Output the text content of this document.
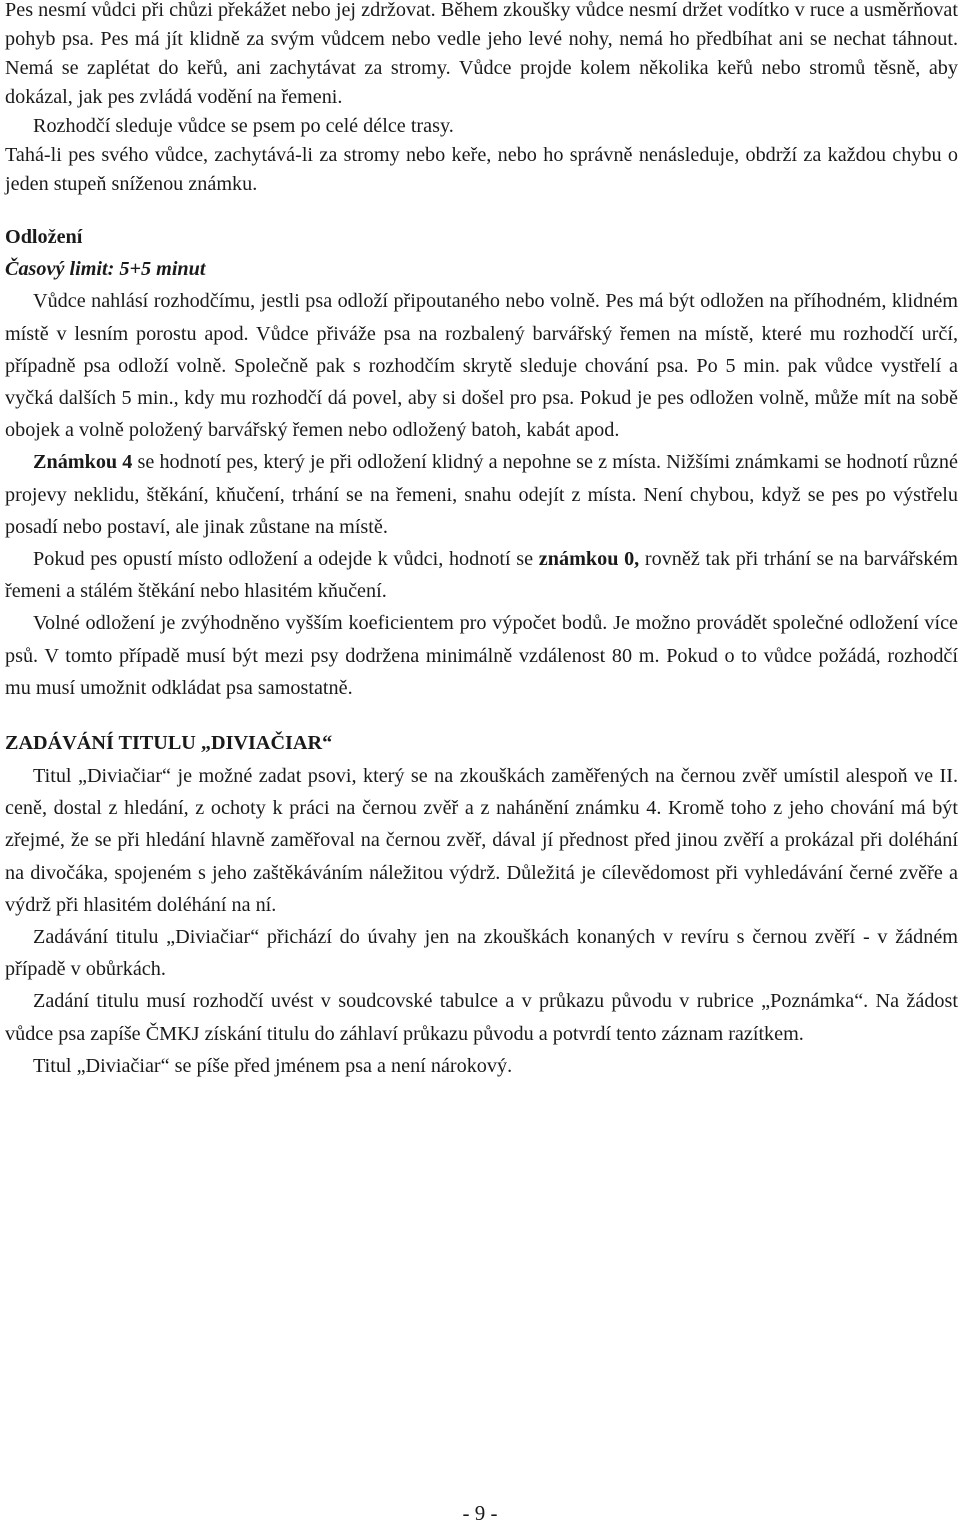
Pes nesmí vůdci při chůzi překážet nebo jej zdržovat. Během zkoušky vůdce nesmí držet vodítko v ruce a usměrňovat pohyb psa. Pes má jít klidně za svým vůdcem nebo vedle jeho levé nohy, nemá ho předbíhat ani se nechat táhnout. Nemá se zaplétat do keřů, ani zachytávat za stromy. Vůdce projde kolem několika keřů nebo stromů těsně, aby dokázal, jak pes zvládá vodění na řemeni.

Rozhodčí sleduje vůdce se psem po celé délce trasy.

Tahá-li pes svého vůdce, zachytává-li za stromy nebo keře, nebo ho správně nenásleduje, obdrží za každou chybu o jeden stupeň sníženou známku.

Odložení

Časový limit: 5+5 minut

Vůdce nahlásí rozhodčímu, jestli psa odloží připoutaného nebo volně. Pes má být odložen na příhodném, klidném místě v lesním porostu apod. Vůdce přiváže psa na rozbalený barvářský řemen na místě, které mu rozhodčí určí, případně psa odloží volně. Společně pak s rozhodčím skrytě sleduje chování psa. Po 5 min. pak vůdce vystřelí a vyčká dalších 5 min., kdy mu rozhodčí dá povel, aby si došel pro psa. Pokud je pes odložen volně, může mít na sobě obojek a volně položený barvářský řemen nebo odložený batoh, kabát apod.

Známkou 4 se hodnotí pes, který je při odložení klidný a nepohne se z místa. Nižšími známkami se hodnotí různé projevy neklidu, štěkání, kňučení, trhání se na řemeni, snahu odejít z místa. Není chybou, když se pes po výstřelu posadí nebo postaví, ale jinak zůstane na místě.

Pokud pes opustí místo odložení a odejde k vůdci, hodnotí se známkou 0, rovněž tak při trhání se na barvářském řemeni a stálém štěkání nebo hlasitém kňučení.

Volné odložení je zvýhodněno vyšším koeficientem pro výpočet bodů. Je možno provádět společné odložení více psů. V tomto případě musí být mezi psy dodržena minimálně vzdálenost 80 m. Pokud o to vůdce požádá, rozhodčí mu musí umožnit odkládat psa samostatně.

ZADÁVÁNÍ TITULU „DIVIAČIAR“

Titul „Diviačiar“ je možné zadat psovi, který se na zkouškách zaměřených na černou zvěř umístil alespoň ve II. ceně, dostal z hledání, z ochoty k práci na černou zvěř a z nahánění známku 4. Kromě toho z jeho chování má být zřejmé, že se při hledání hlavně zaměřoval na černou zvěř, dával jí přednost před jinou zvěří a prokázal při doléhání na divočáka, spojeném s jeho zaštěkáváním náležitou výdrž. Důležitá je cílevědomost při vyhledávání černé zvěře a výdrž při hlasitém doléhání na ní.

Zadávání titulu „Diviačiar“ přichází do úvahy jen na zkouškách konaných v revíru s černou zvěří - v žádném případě v obůrkách.

Zadání titulu musí rozhodčí uvést v soudcovské tabulce a v průkazu původu v rubrice „Poznámka“. Na žádost vůdce psa zapíše ČMKJ získání titulu do záhlaví průkazu původu a potvrdí tento záznam razítkem.

Titul „Diviačiar“ se píše před jménem psa a není nárokový.

- 9 -
